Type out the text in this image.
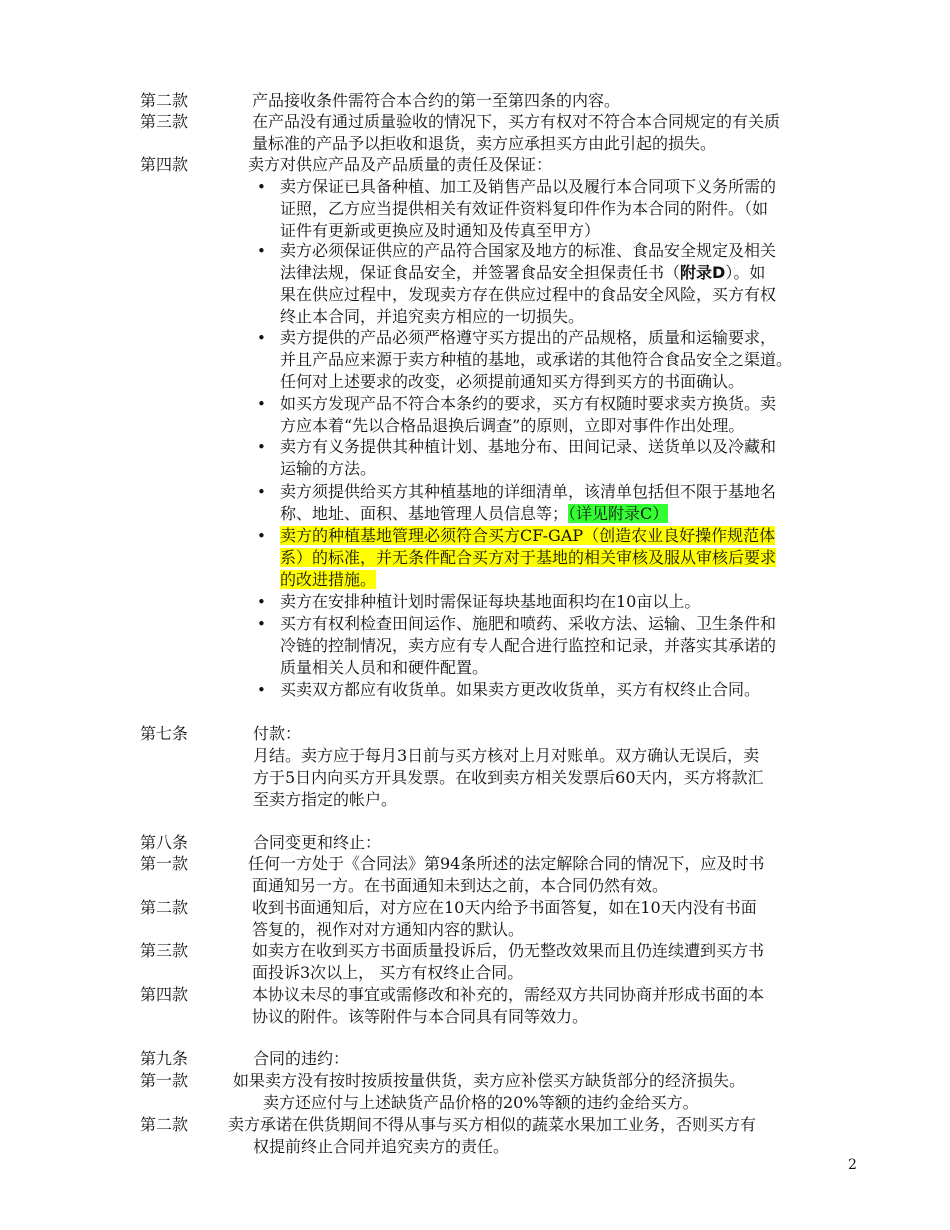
第二款	产品接收条件需符合本合约的第一至第四条的内容。
第三款	在产品没有通过质量验收的情况下，买方有权对不符合本合同规定的有关质
量标准的产品予以拒收和退货，卖方应承担买方由此引起的损失。
第四款	卖方对供应产品及产品质量的责任及保证：
• 卖方保证已具备种植、加工及销售产品以及履行本合同项下义务所需的
证照，乙方应当提供相关有效证件资料复印件作为本合同的附件。（如
证件有更新或更换应及时通知及传真至甲方）
• 卖方必须保证供应的产品符合国家及地方的标准、食品安全规定及相关
法律法规，保证食品安全，并签署食品安全担保责任书（附录D）。如
果在供应过程中，发现卖方存在供应过程中的食品安全风险，买方有权
终止本合同，并追究卖方相应的一切损失。
• 卖方提供的产品必须严格遵守买方提出的产品规格，质量和运输要求，
并且产品应来源于卖方种植的基地，或承诺的其他符合食品安全之渠道。
任何对上述要求的改变，必须提前通知买方得到买方的书面确认。
• 如买方发现产品不符合本条约的要求，买方有权随时要求卖方换货。卖
方应本着“先以合格品退换后调查”的原则，立即对事件作出处理。
• 卖方有义务提供其种植计划、基地分布、田间记录、送货单以及冷藏和
运输的方法。
• 卖方须提供给买方其种植基地的详细清单，该清单包括但不限于基地名
称、地址、面积、基地管理人员信息等；（详见附录C）
• 卖方的种植基地管理必须符合买方CF-GAP（创造农业良好操作规范体
系）的标准，并无条件配合买方对于基地的相关审核及服从审核后要求
的改进措施。
• 卖方在安排种植计划时需保证每块基地面积均在10亩以上。
• 买方有权利检查田间运作、施肥和喷药、采收方法、运输、卫生条件和
冷链的控制情况，卖方应有专人配合进行监控和记录，并落实其承诺的
质量相关人员和和硬件配置。
• 买卖双方都应有收货单。如果卖方更改收货单，买方有权终止合同。
第七条	付款：
月结。卖方应于每月3日前与买方核对上月对账单。双方确认无误后，卖
方于5日内向买方开具发票。在收到卖方相关发票后60天内，买方将款汇
至卖方指定的帐户。
第八条	合同变更和终止：
第一款	任何一方处于《合同法》第94条所述的法定解除合同的情况下，应及时书
面通知另一方。在书面通知未到达之前，本合同仍然有效。
第二款	收到书面通知后，对方应在10天内给予书面答复，如在10天内没有书面
答复的，视作对对方通知内容的默认。
第三款	如卖方在收到买方书面质量投诉后，仍无整改效果而且仍连续遭到买方书
面投诉3次以上， 买方有权终止合同。
第四款	本协议未尽的事宜或需修改和补充的，需经双方共同协商并形成书面的本
协议的附件。该等附件与本合同具有同等效力。
第九条	合同的违约：
第一款	如果卖方没有按时按质按量供货，卖方应补偿买方缺货部分的经济损失。
卖方还应付与上述缺货产品价格的20%等额的违约金给买方。
第二款 卖方承诺在供货期间不得从事与买方相似的蔬菜水果加工业务，否则买方有
权提前终止合同并追究卖方的责任。
2
